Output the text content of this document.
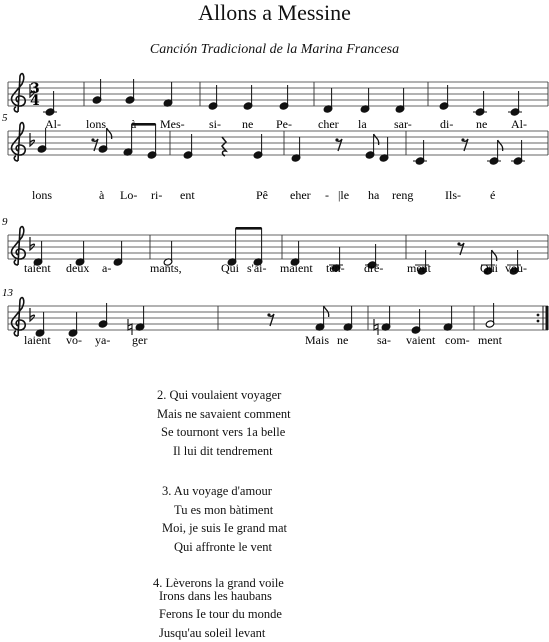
Allons a Messine
Canción Tradicional de la Marina Francesa
3
4
Al- lons	Mes- si- ne Pe- cher la sar- di- ne Al-
5
lons	à Lo- ri- ent	Pê eher - |le ha reng	Ils- é
9
taient deux a-	mants,	Qui s'ai- maient ten- dre- ment	Qui vou-
13
laient vo- ya- ger	Mais ne sa- vaient com- ment
2. Qui voulaient voyager
Mais ne savaient comment
Se tournont vers 1a belle
Il lui dit tendrement
3. Au voyage d'amour
Tu es mon bàtiment
Moi, je suis Ie grand mat
Qui affronte le vent
4. Lèverons la grand voile
Irons dans les haubans
Ferons Ie tour du monde
Jusqu'au soleil levant
